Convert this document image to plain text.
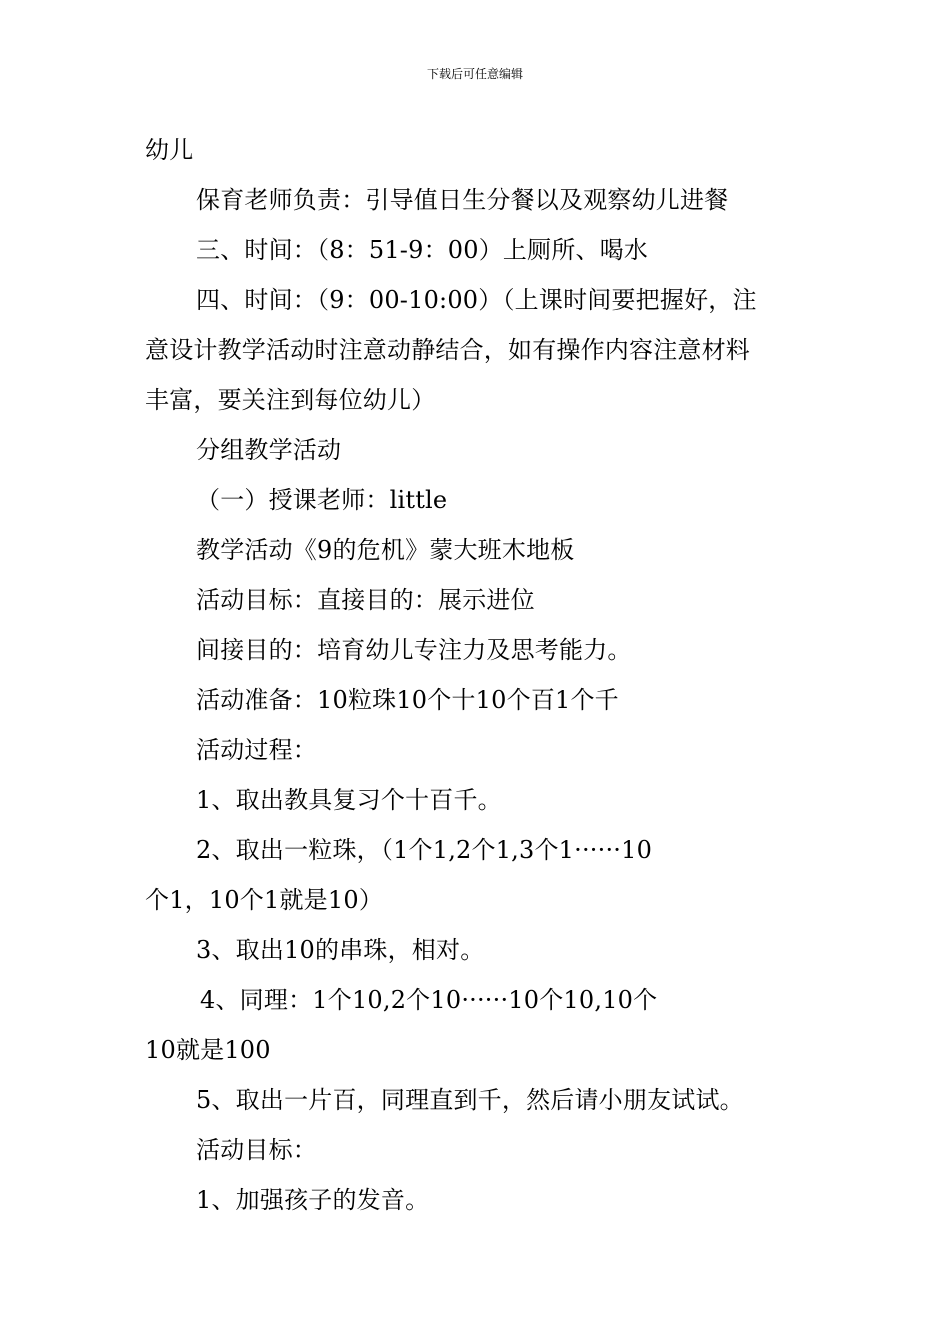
下载后可任意编辑

幼儿

保育老师负责：引导值日生分餐以及观察幼儿进餐

三、时间：（8：51-9：00）上厕所、喝水

四、时间：（9：00-10:00）（上课时间要把握好，注

意设计教学活动时注意动静结合，如有操作内容注意材料

丰富，要关注到每位幼儿）

分组教学活动

（一）授课老师：little

教学活动《9的危机》蒙大班木地板

活动目标：直接目的：展示进位

间接目的：培育幼儿专注力及思考能力。

活动准备：10粒珠10个十10个百1个千

活动过程：

1、取出教具复习个十百千。

2、取出一粒珠，（1个1,2个1,3个1······10

个1，10个1就是10）

3、取出10的串珠，相对。

4、同理：1个10,2个10······10个10,10个

10就是100

5、取出一片百，同理直到千，然后请小朋友试试。

活动目标：

1、加强孩子的发音。
